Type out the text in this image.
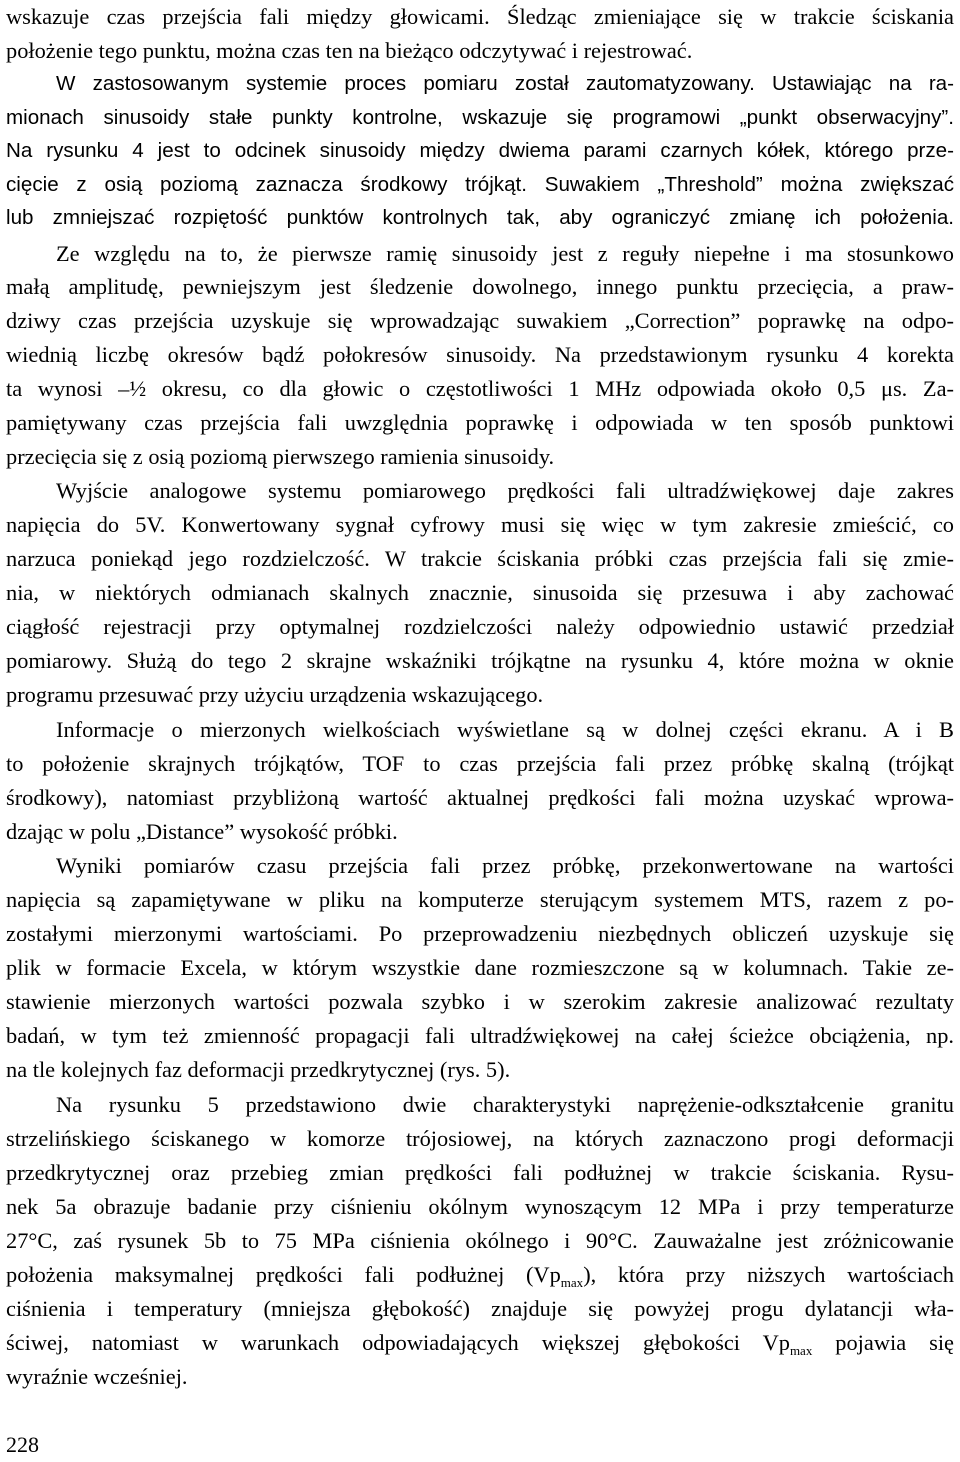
wskazuje czas przejścia fali między głowicami. Śledząc zmieniające się w trakcie ściskania
położenie tego punktu, można czas ten na bieżąco odczytywać i rejestrować.
W zastosowanym systemie proces pomiaru został zautomatyzowany. Ustawiając na ra-
mionach sinusoidy stałe punkty kontrolne, wskazuje się programowi „punkt obserwacyjny”.
Na rysunku 4 jest to odcinek sinusoidy między dwiema parami czarnych kółek, którego prze-
cięcie z osią poziomą zaznacza środkowy trójkąt. Suwakiem „Threshold” można zwiększać
lub zmniejszać rozpiętość punktów kontrolnych tak, aby ograniczyć zmianę ich położenia.
Ze względu na to, że pierwsze ramię sinusoidy jest z reguły niepełne i ma stosunkowo
małą amplitudę, pewniejszym jest śledzenie dowolnego, innego punktu przecięcia, a praw-
dziwy czas przejścia uzyskuje się wprowadzając suwakiem „Correction” poprawkę na odpo-
wiednią liczbę okresów bądź połokresów sinusoidy. Na przedstawionym rysunku 4 korekta
ta wynosi –½ okresu, co dla głowic o częstotliwości 1 MHz odpowiada około 0,5 μs. Za-
pamiętywany czas przejścia fali uwzględnia poprawkę i odpowiada w ten sposób punktowi
przecięcia się z osią poziomą pierwszego ramienia sinusoidy.
Wyjście analogowe systemu pomiarowego prędkości fali ultradźwiękowej daje zakres
napięcia do 5V. Konwertowany sygnał cyfrowy musi się więc w tym zakresie zmieścić, co
narzuca poniekąd jego rozdzielczość. W trakcie ściskania próbki czas przejścia fali się zmie-
nia, w niektórych odmianach skalnych znacznie, sinusoida się przesuwa i aby zachować
ciągłość rejestracji przy optymalnej rozdzielczości należy odpowiednio ustawić przedział
pomiarowy. Służą do tego 2 skrajne wskaźniki trójkątne na rysunku 4, które można w oknie
programu przesuwać przy użyciu urządzenia wskazującego.
Informacje o mierzonych wielkościach wyświetlane są w dolnej części ekranu. A i B
to położenie skrajnych trójkątów, TOF to czas przejścia fali przez próbkę skalną (trójkąt
środkowy), natomiast przybliżoną wartość aktualnej prędkości fali można uzyskać wprowa-
dzając w polu „Distance” wysokość próbki.
Wyniki pomiarów czasu przejścia fali przez próbkę, przekonwertowane na wartości
napięcia są zapamiętywane w pliku na komputerze sterującym systemem MTS, razem z po-
zostałymi mierzonymi wartościami. Po przeprowadzeniu niezbędnych obliczeń uzyskuje się
plik w formacie Excela, w którym wszystkie dane rozmieszczone są w kolumnach. Takie ze-
stawienie mierzonych wartości pozwala szybko i w szerokim zakresie analizować rezultaty
badań, w tym też zmienność propagacji fali ultradźwiękowej na całej ścieżce obciążenia, np.
na tle kolejnych faz deformacji przedkrytycznej (rys. 5).
Na rysunku 5 przedstawiono dwie charakterystyki naprężenie-odkształcenie granitu
strzelińskiego ściskanego w komorze trójosiowej, na których zaznaczono progi deformacji
przedkrytycznej oraz przebieg zmian prędkości fali podłużnej w trakcie ściskania. Rysu-
nek 5a obrazuje badanie przy ciśnieniu okólnym wynoszącym 12 MPa i przy temperaturze
27°C, zaś rysunek 5b to 75 MPa ciśnienia okólnego i 90°C. Zauważalne jest zróżnicowanie
położenia maksymalnej prędkości fali podłużnej $(Vp_{max})$, która przy niższych wartościach
ciśnienia i temperatury (mniejsza głębokość) znajduje się powyżej progu dylatancji wła-
ściwej, natomiast w warunkach odpowiadających większej głębokości $Vp_{max}$ pojawia się
wyraźnie wcześniej.
228
